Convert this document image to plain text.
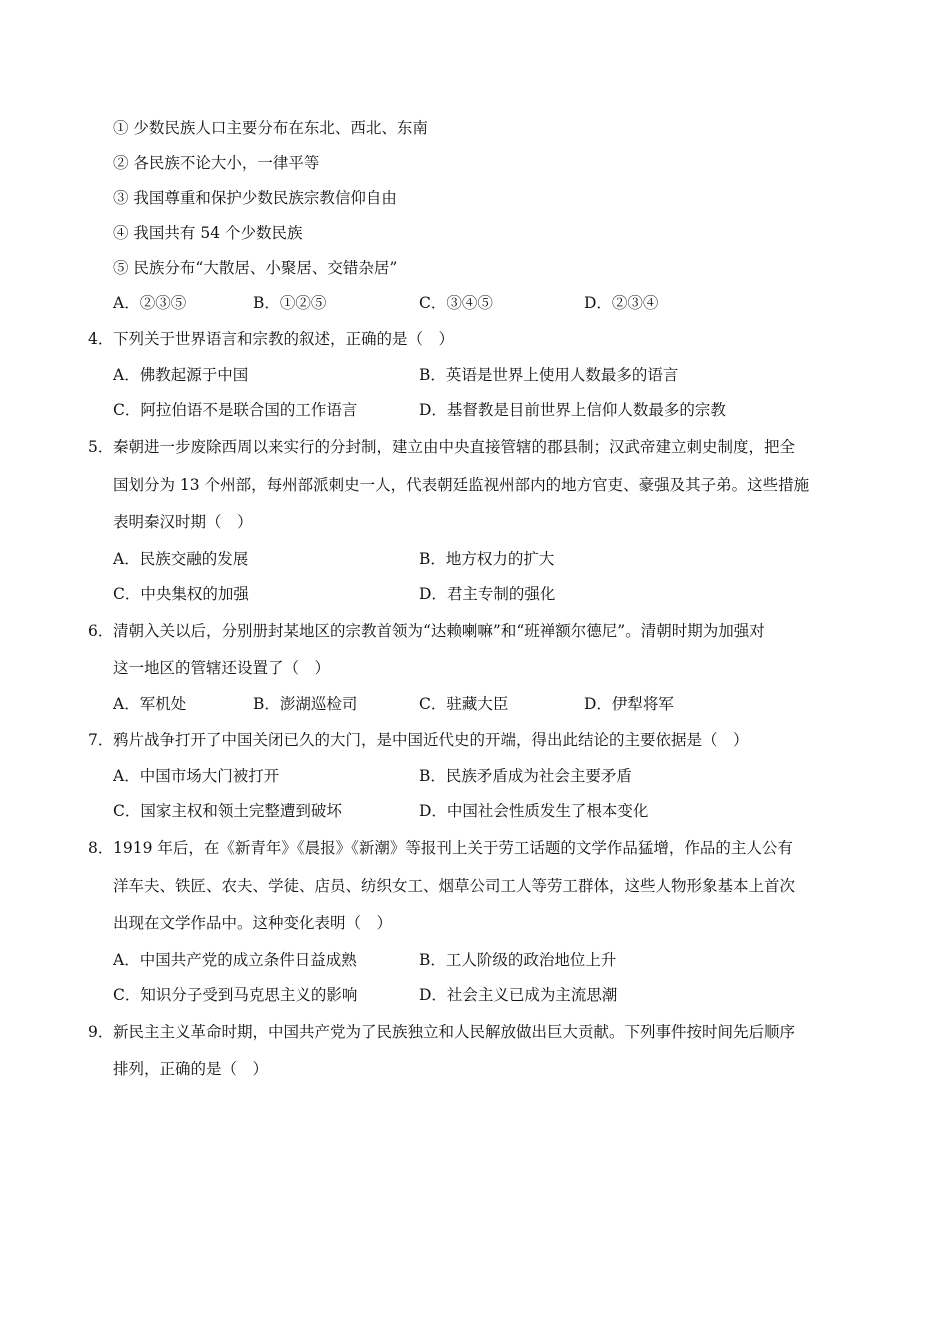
① 少数民族人口主要分布在东北、西北、东南
② 各民族不论大小，一律平等
③ 我国尊重和保护少数民族宗教信仰自由
④ 我国共有 54 个少数民族
⑤ 民族分布“大散居、小聚居、交错杂居”
A．②③⑤	B．①②⑤	C．③④⑤	D．②③④
4． 下列关于世界语言和宗教的叙述，正确的是（　）
A．佛教起源于中国	B．英语是世界上使用人数最多的语言
C．阿拉伯语不是联合国的工作语言	D．基督教是目前世界上信仰人数最多的宗教
5． 秦朝进一步废除西周以来实行的分封制，建立由中央直接管辖的郡县制；汉武帝建立刺史制度，把全
国划分为 13 个州部，每州部派刺史一人，代表朝廷监视州部内的地方官吏、豪强及其子弟。这些措施
表明秦汉时期（　）
A．民族交融的发展	B．地方权力的扩大
C．中央集权的加强	D．君主专制的强化
6． 清朝入关以后，分别册封某地区的宗教首领为“达赖喇嘛”和“班禅额尔德尼”。清朝时期为加强对
这一地区的管辖还设置了（　）
A．军机处	B．澎湖巡检司	C．驻藏大臣	D．伊犁将军
7． 鸦片战争打开了中国关闭已久的大门，是中国近代史的开端，得出此结论的主要依据是（　）
A．中国市场大门被打开	B．民族矛盾成为社会主要矛盾
C．国家主权和领土完整遭到破坏	D．中国社会性质发生了根本变化
8． 1919 年后，在《新青年》《晨报》《新潮》等报刊上关于劳工话题的文学作品猛增，作品的主人公有
洋车夫、铁匠、农夫、学徒、店员、纺织女工、烟草公司工人等劳工群体，这些人物形象基本上首次
出现在文学作品中。这种变化表明（　）
A．中国共产党的成立条件日益成熟	B．工人阶级的政治地位上升
C．知识分子受到马克思主义的影响	D．社会主义已成为主流思潮
9． 新民主主义革命时期，中国共产党为了民族独立和人民解放做出巨大贡献。下列事件按时间先后顺序
排列，正确的是（　）
